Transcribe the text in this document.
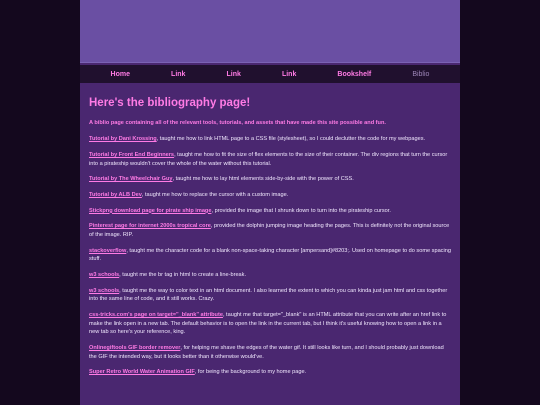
Home	Link	Link	Link	Bookshelf	Biblio
Here's the bibliography page!

A biblio page containing all of the relevant tools, tutorials, and assets that have made this site possible and fun.

Tutorial by Dani Krossing, taught me how to link HTML page to a CSS file (stylesheet), so I could declutter the code for my webpages.

Tutorial by Front End Beginners, taught me how to fit the size of flex elements to the size of their container. The div regions that turn the cursor into a pirateship wouldn't cover the whole of the water without this tutorial.

Tutorial by The Wheelchair Guy, taught me how to lay html elements side-by-side with the power of CSS.

Tutorial by ALB Dev, taught me how to replace the cursor with a custom image.

Stickpng download page for pirate ship image, provided the image that I shrunk down to turn into the pirateship cursor.

Pinterest page for internet 2000s tropical core, provided the dolphin jumping image heading the pages. This is definitely not the original source of the image. RIP.

stackoverflow, taught me the character code for a blank non-space-taking character [ampersand]#8203;. Used on homepage to do some spacing stuff.

w3 schools, taught me the br tag in html to create a line-break.

w3 schools, taught me the way to color text in an html document. I also learned the extent to which you can kinda just jam html and css together into the same line of code, and it still works. Crazy.

css-tricks.com's page on target="_blank" attribute, taught me that target="_blank" is an HTML attribute that you can write after an href link to make the link open in a new tab. The default behavior is to open the link in the current tab, but I think it's useful knowing how to open a link in a new tab so here's your reference, king.

Onlinegiftools GIF border remover, for helping me shave the edges of the water gif. It still looks like turn, and I should probably just download the GIF the intended way, but it looks better than it otherwise would've.

Super Retro World Water Animation GIF, for being the background to my home page.
